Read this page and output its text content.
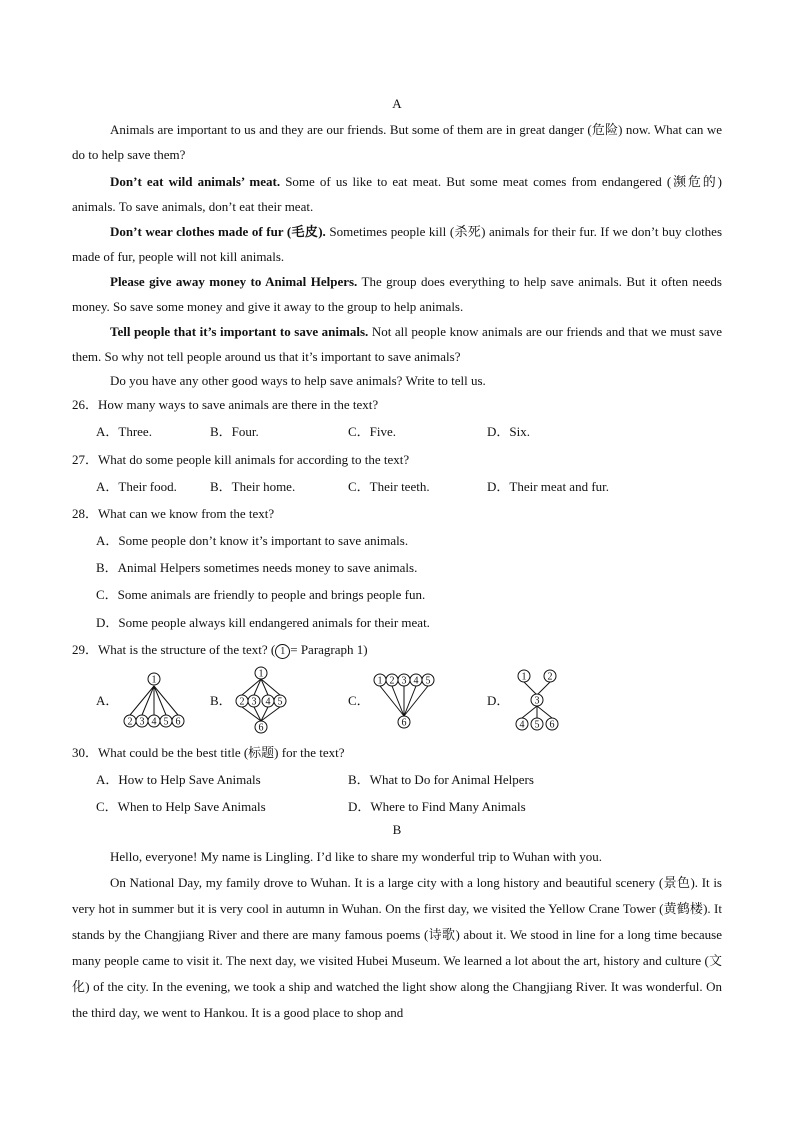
A
Animals are important to us and they are our friends. But some of them are in great danger (危险) now. What can we do to help save them?
Don’t eat wild animals’ meat. Some of us like to eat meat. But some meat comes from endangered (濒危的) animals. To save animals, don’t eat their meat.
Don’t wear clothes made of fur (毛皮). Sometimes people kill (杀死) animals for their fur. If we don’t buy clothes made of fur, people will not kill animals.
Please give away money to Animal Helpers. The group does everything to help save animals. But it often needs money. So save some money and give it away to the group to help animals.
Tell people that it’s important to save animals. Not all people know animals are our friends and that we must save them. So why not tell people around us that it’s important to save animals?
Do you have any other good ways to help save animals? Write to tell us.
26．How many ways to save animals are there in the text?
A．Three.	B．Four.	C．Five.	D．Six.
27．What do some people kill animals for according to the text?
A．Their food.	B．Their home.	C．Their teeth.	D．Their meat and fur.
28．What can we know from the text?
A．Some people don’t know it’s important to save animals.
B．Animal Helpers sometimes needs money to save animals.
C．Some animals are friendly to people and brings people fun.
D．Some people always kill endangered animals for their meat.
29．What is the structure of the text? ( 1 = Paragraph 1)
A．	B．	C．	D．
1
2 3 4 5 6
1
2 3 4 5
6
1 2 3 4 5
6
1 2
3
4 5 6
30．What could be the best title (标题) for the text?
A．How to Help Save Animals	B．What to Do for Animal Helpers
C．When to Help Save Animals	D．Where to Find Many Animals
B
Hello, everyone! My name is Lingling. I’d like to share my wonderful trip to Wuhan with you.
On National Day, my family drove to Wuhan. It is a large city with a long history and beautiful scenery (景色). It is very hot in summer but it is very cool in autumn in Wuhan. On the first day, we visited the Yellow Crane Tower (黄鹤楼). It stands by the Changjiang River and there are many famous poems (诗歌) about it. We stood in line for a long time because many people came to visit it. The next day, we visited Hubei Museum. We learned a lot about the art, history and culture (文化) of the city. In the evening, we took a ship and watched the light show along the Changjiang River. It was wonderful. On the third day, we went to Hankou. It is a good place to shop and
